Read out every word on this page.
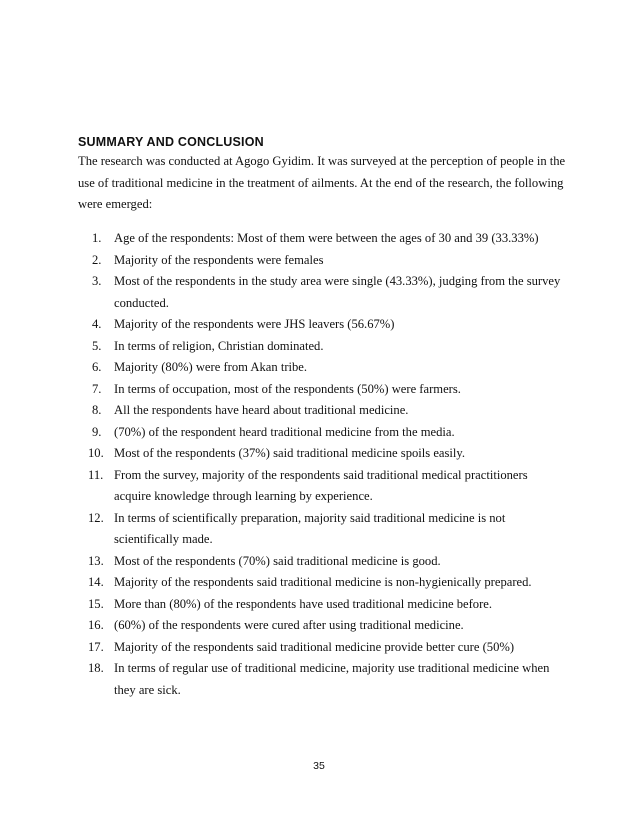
SUMMARY AND CONCLUSION

The research was conducted at Agogo Gyidim. It was surveyed at the perception of people in the
use of traditional medicine in the treatment of ailments. At the end of the research, the following
were emerged:

1. Age of the respondents: Most of them were between the ages of 30 and 39 (33.33%)
2. Majority of the respondents were females
3. Most of the respondents in the study area were single (43.33%), judging from the survey
conducted.
4. Majority of the respondents were JHS leavers (56.67%)
5. In terms of religion, Christian dominated.
6. Majority (80%) were from Akan tribe.
7. In terms of occupation, most of the respondents (50%) were farmers.
8. All the respondents have heard about traditional medicine.
9. (70%) of the respondent heard traditional medicine from the media.
10. Most of the respondents (37%) said traditional medicine spoils easily.
11. From the survey, majority of the respondents said traditional medical practitioners
acquire knowledge through learning by experience.
12. In terms of scientifically preparation, majority said traditional medicine is not
scientifically made.
13. Most of the respondents (70%) said traditional medicine is good.
14. Majority of the respondents said traditional medicine is non-hygienically prepared.
15. More than (80%) of the respondents have used traditional medicine before.
16. (60%) of the respondents were cured after using traditional medicine.
17. Majority of the respondents said traditional medicine provide better cure (50%)
18. In terms of regular use of traditional medicine, majority use traditional medicine when
they are sick.
35
